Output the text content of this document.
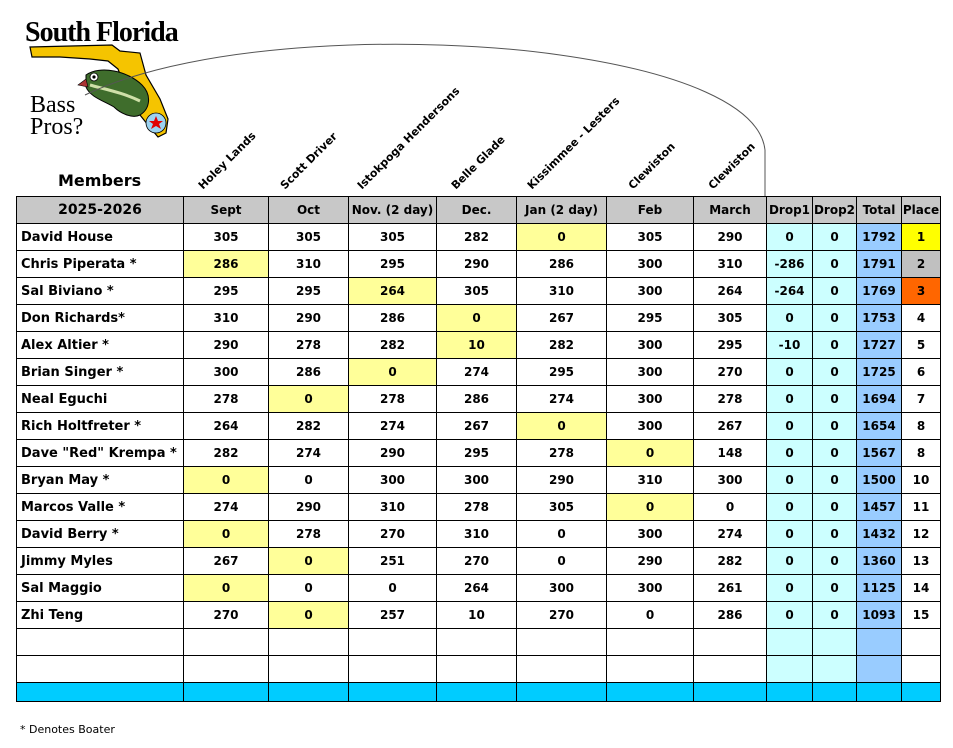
South Florida
Bass
Pros?
Holey Lands Scott Driver Istokpoga Hendersons
Belle Glade Kissimmee - Lesters Clewiston	Clewiston
Members
2025-2026	Sept	Oct	Nov. (2 day)	Dec.	Jan (2 day)	Feb	March	Drop1	Drop2	Total	Place
David House	305	305	305	282	0	305	290	0	0	1792	1
Chris Piperata *	286	310	295	290	286	300	310	-286	0	1791	2
Sal Biviano *	295	295	264	305	310	300	264	-264	0	1769	3
Don Richards*	310	290	286	0	267	295	305	0	0	1753	4
Alex Altier *	290	278	282	10	282	300	295	-10	0	1727	5
Brian Singer *	300	286	0	274	295	300	270	0	0	1725	6
Neal Eguchi	278	0	278	286	274	300	278	0	0	1694	7
Rich Holtfreter *	264	282	274	267	0	300	267	0	0	1654	8
Dave "Red" Krempa *	282	274	290	295	278	0	148	0	0	1567	8
Bryan May *	0	0	300	300	290	310	300	0	0	1500	10
Marcos Valle *	274	290	310	278	305	0	0	0	0	1457	11
David Berry *	0	278	270	310	0	300	274	0	0	1432	12
Jimmy Myles	267	0	251	270	0	290	282	0	0	1360	13
Sal Maggio	0	0	0	264	300	300	261	0	0	1125	14
Zhi Teng	270	0	257	10	270	0	286	0	0	1093	15

* Denotes Boater
